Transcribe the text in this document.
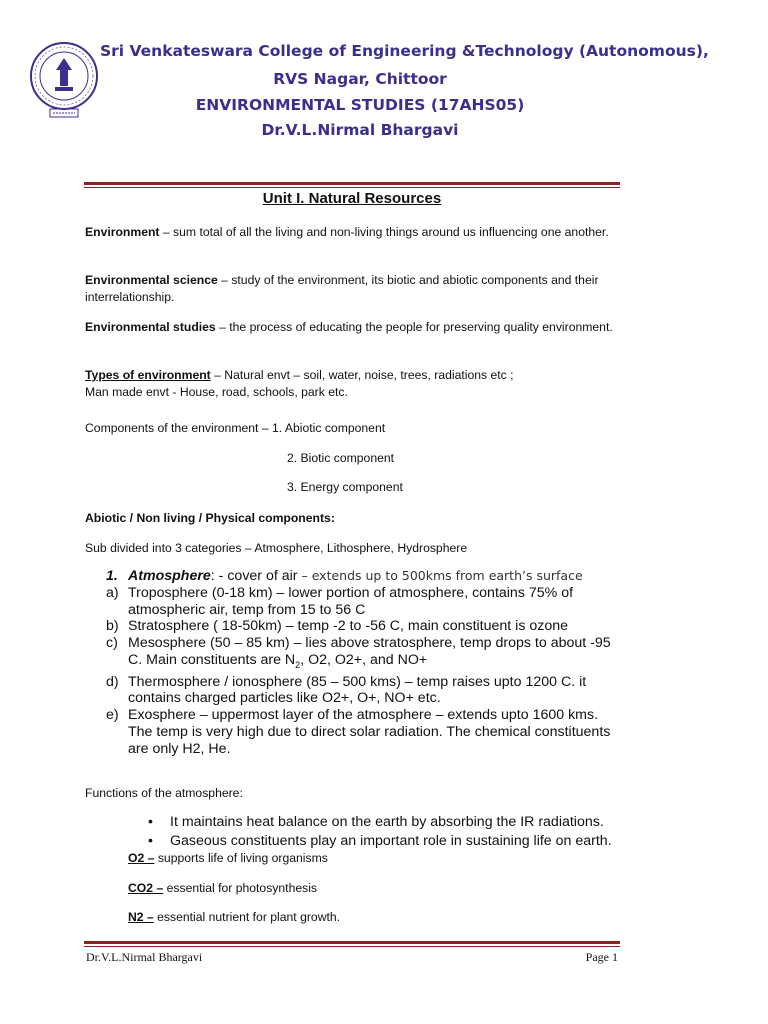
Sri Venkateswara College of Engineering &Technology (Autonomous),
RVS Nagar, Chittoor
ENVIRONMENTAL STUDIES (17AHS05)
Dr.V.L.Nirmal Bhargavi
Unit I. Natural Resources
Environment – sum total of all the living and non-living things around us influencing one another.
Environmental science – study of the environment, its biotic and abiotic components and their interrelationship.
Environmental studies – the process of educating the people for preserving quality environment.
Types of environment – Natural envt – soil, water, noise, trees, radiations etc ;
Man made envt - House, road, schools, park etc.
Components of the environment – 1. Abiotic component
2. Biotic component
3. Energy component
Abiotic / Non living / Physical components:
Sub divided into 3 categories – Atmosphere, Lithosphere, Hydrosphere
1. Atmosphere: - cover of air – extends up to 500kms from earth’s surface
a) Troposphere (0-18 km) – lower portion of atmosphere, contains 75% of atmospheric air, temp from 15 to 56 C
b) Stratosphere ( 18-50km) – temp -2 to -56 C, main constituent is ozone
c) Mesosphere (50 – 85 km) – lies above stratosphere, temp drops to about -95 C. Main constituents are $N_2$, O2, O2+, and NO+
d) Thermosphere / ionosphere (85 – 500 kms) – temp raises upto 1200 C. it contains charged particles like O2+, O+, NO+ etc.
e) Exosphere – uppermost layer of the atmosphere – extends upto 1600 kms. The temp is very high due to direct solar radiation. The chemical constituents are only H2, He.
Functions of the atmosphere:
• It maintains heat balance on the earth by absorbing the IR radiations.
• Gaseous constituents play an important role in sustaining life on earth.
O2 – supports life of living organisms
CO2 – essential for photosynthesis
N2 – essential nutrient for plant growth.
Dr.V.L.Nirmal Bhargavi	Page 1
